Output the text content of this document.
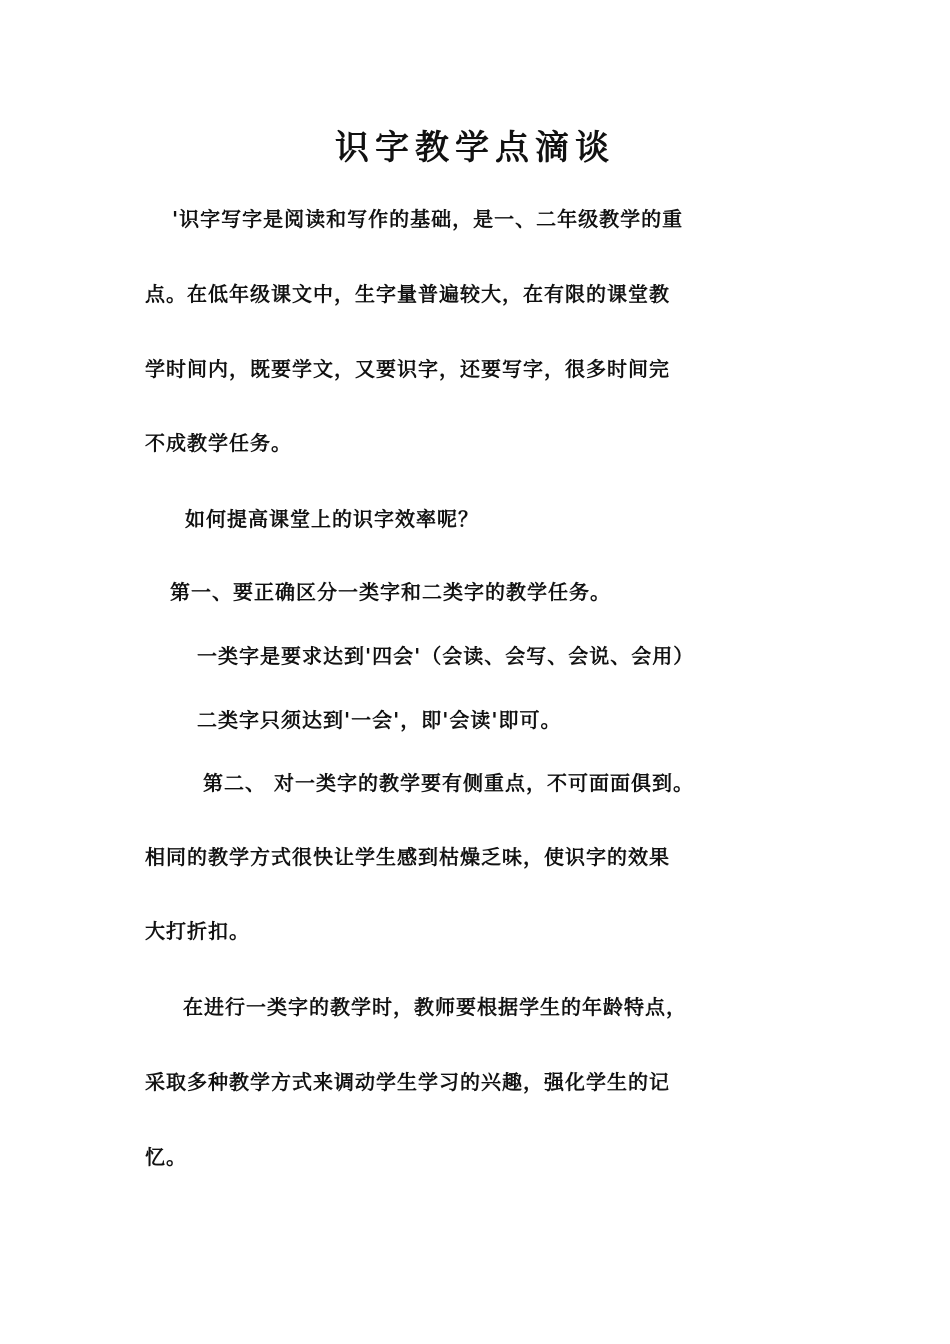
识字教学点滴谈
'识字写字是阅读和写作的基础，是一、二年级教学的重
点。在低年级课文中，生字量普遍较大，在有限的课堂教
学时间内，既要学文，又要识字，还要写字，很多时间完
不成教学任务。
如何提高课堂上的识字效率呢？
第一、要正确区分一类字和二类字的教学任务。
一类字是要求达到'四会'（会读、会写、会说、会用）
二类字只须达到'一会'，即'会读'即可。
第二、 对一类字的教学要有侧重点，不可面面俱到。
相同的教学方式很快让学生感到枯燥乏味，使识字的效果
大打折扣。
在进行一类字的教学时，教师要根据学生的年龄特点，
采取多种教学方式来调动学生学习的兴趣，强化学生的记
忆。
